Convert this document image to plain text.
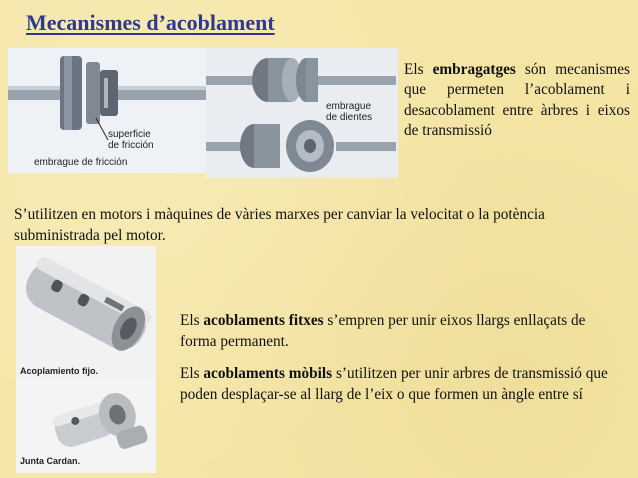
Mecanismes d’acoblament
superficie
de fricción
embrague de fricción
embrague
de dientes
Els embragatges són mecanismes que permeten l’acoblament i desacoblament entre àrbres i eixos de transmissió
S’utilitzen en motors i màquines de vàries marxes per canviar la velocitat o la potència subministrada pel motor.
Acoplamiento fijo.
Junta Cardan.
Els acoblaments fitxes s’empren per unir eixos llargs enllaçats de forma permanent.
Els acoblaments mòbils s’utilitzen per unir arbres de transmissió que poden desplaçar-se al llarg de l’eix o que formen un àngle entre sí
